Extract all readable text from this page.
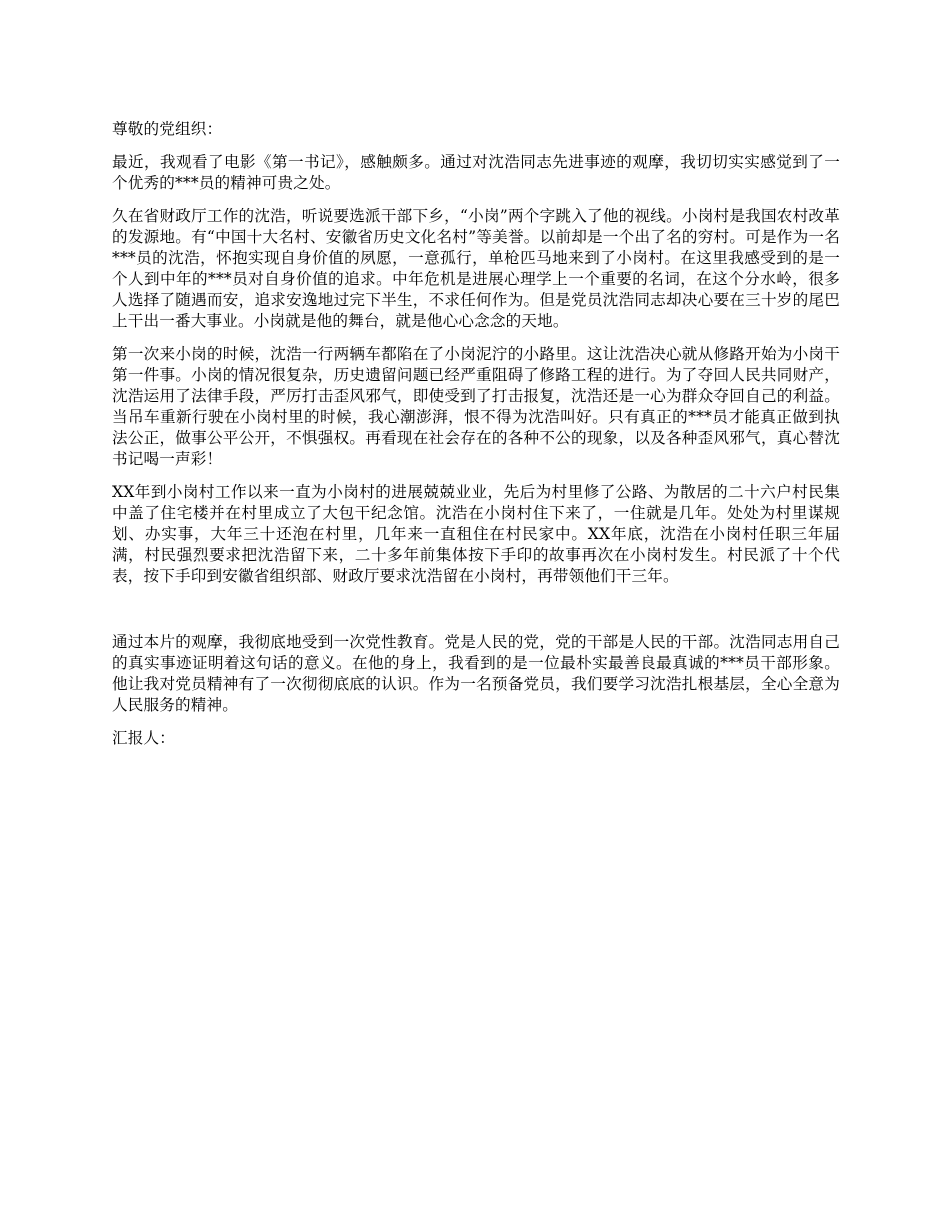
尊敬的党组织：

最近，我观看了电影《第一书记》，感触颇多。通过对沈浩同志先进事迹的观摩，我切切实实感觉到了一个优秀的***员的精神可贵之处。

久在省财政厅工作的沈浩，听说要选派干部下乡，“小岗”两个字跳入了他的视线。小岗村是我国农村改革的发源地。有“中国十大名村、安徽省历史文化名村”等美誉。以前却是一个出了名的穷村。可是作为一名***员的沈浩，怀抱实现自身价值的夙愿，一意孤行，单枪匹马地来到了小岗村。在这里我感受到的是一个人到中年的***员对自身价值的追求。中年危机是进展心理学上一个重要的名词，在这个分水岭，很多人选择了随遇而安，追求安逸地过完下半生，不求任何作为。但是党员沈浩同志却决心要在三十岁的尾巴上干出一番大事业。小岗就是他的舞台，就是他心心念念的天地。

第一次来小岗的时候，沈浩一行两辆车都陷在了小岗泥泞的小路里。这让沈浩决心就从修路开始为小岗干第一件事。小岗的情况很复杂，历史遗留问题已经严重阻碍了修路工程的进行。为了夺回人民共同财产，沈浩运用了法律手段，严厉打击歪风邪气，即使受到了打击报复，沈浩还是一心为群众夺回自己的利益。当吊车重新行驶在小岗村里的时候，我心潮澎湃，恨不得为沈浩叫好。只有真正的***员才能真正做到执法公正，做事公平公开，不惧强权。再看现在社会存在的各种不公的现象，以及各种歪风邪气，真心替沈书记喝一声彩！

XX年到小岗村工作以来一直为小岗村的进展兢兢业业，先后为村里修了公路、为散居的二十六户村民集中盖了住宅楼并在村里成立了大包干纪念馆。沈浩在小岗村住下来了，一住就是几年。处处为村里谋规划、办实事，大年三十还泡在村里，几年来一直租住在村民家中。XX年底，沈浩在小岗村任职三年届满，村民强烈要求把沈浩留下来，二十多年前集体按下手印的故事再次在小岗村发生。村民派了十个代表，按下手印到安徽省组织部、财政厅要求沈浩留在小岗村，再带领他们干三年。

通过本片的观摩，我彻底地受到一次党性教育。党是人民的党，党的干部是人民的干部。沈浩同志用自己的真实事迹证明着这句话的意义。在他的身上，我看到的是一位最朴实最善良最真诚的***员干部形象。他让我对党员精神有了一次彻彻底底的认识。作为一名预备党员，我们要学习沈浩扎根基层，全心全意为人民服务的精神。

汇报人：
